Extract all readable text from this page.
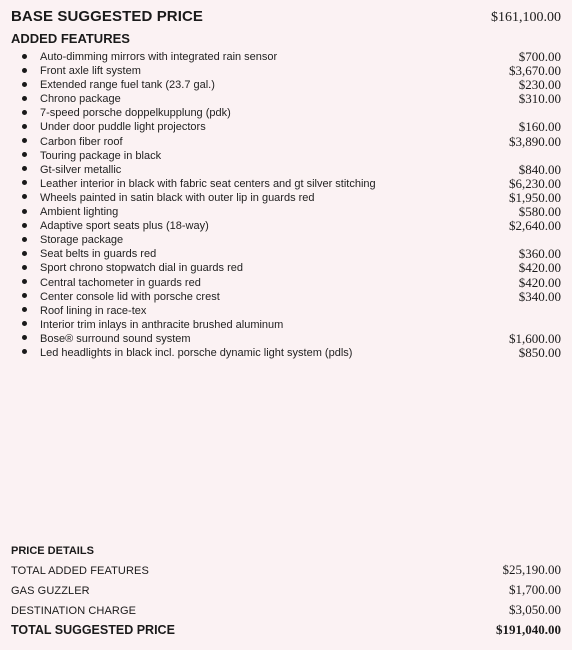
BASE SUGGESTED PRICE	$161,100.00
ADDED FEATURES
Auto-dimming mirrors with integrated rain sensor	$700.00
Front axle lift system	$3,670.00
Extended range fuel tank (23.7 gal.)	$230.00
Chrono package	$310.00
7-speed porsche doppelkupplung (pdk)
Under door puddle light projectors	$160.00
Carbon fiber roof	$3,890.00
Touring package in black
Gt-silver metallic	$840.00
Leather interior in black with fabric seat centers and gt silver stitching	$6,230.00
Wheels painted in satin black with outer lip in guards red	$1,950.00
Ambient lighting	$580.00
Adaptive sport seats plus (18-way)	$2,640.00
Storage package
Seat belts in guards red	$360.00
Sport chrono stopwatch dial in guards red	$420.00
Central tachometer in guards red	$420.00
Center console lid with porsche crest	$340.00
Roof lining in race-tex
Interior trim inlays in anthracite brushed aluminum
Bose® surround sound system	$1,600.00
Led headlights in black incl. porsche dynamic light system (pdls)	$850.00
PRICE DETAILS
TOTAL ADDED FEATURES	$25,190.00
GAS GUZZLER	$1,700.00
DESTINATION CHARGE	$3,050.00
TOTAL SUGGESTED PRICE	$191,040.00
